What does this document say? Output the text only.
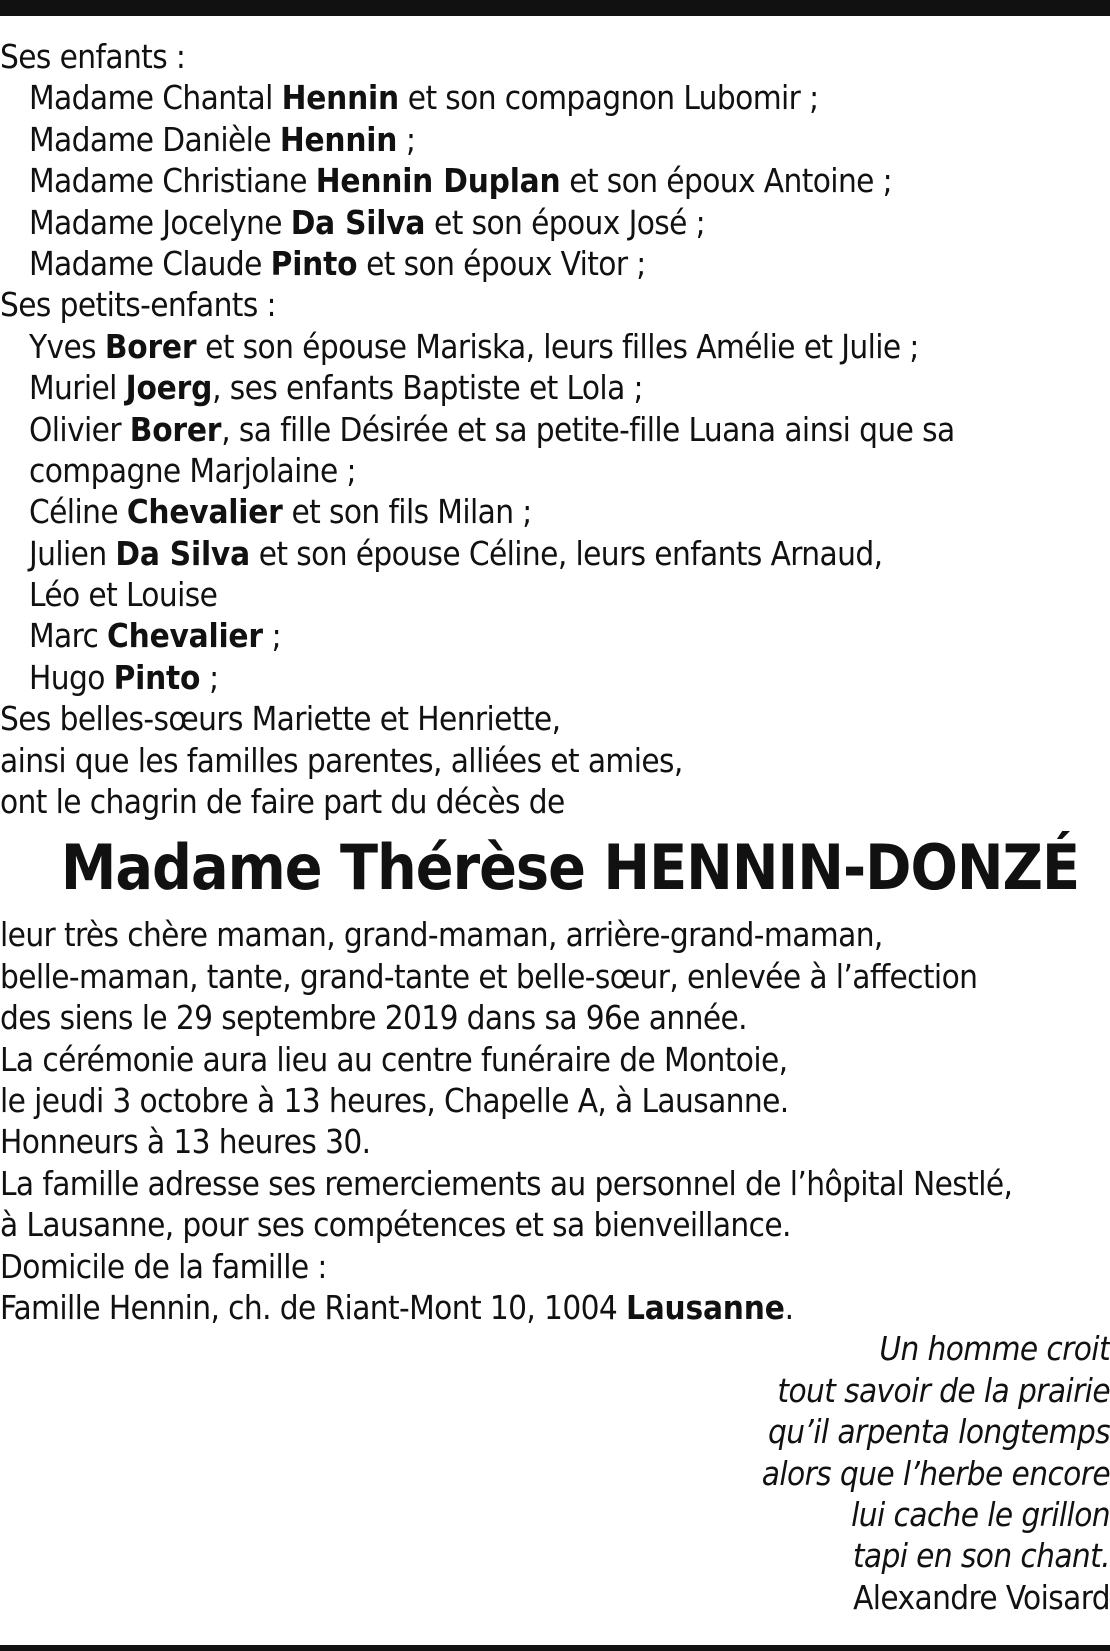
Ses enfants :
Madame Chantal Hennin et son compagnon Lubomir ;
Madame Danièle Hennin ;
Madame Christiane Hennin Duplan et son époux Antoine ;
Madame Jocelyne Da Silva et son époux José ;
Madame Claude Pinto et son époux Vitor ;
Ses petits-enfants :
Yves Borer et son épouse Mariska, leurs filles Amélie et Julie ;
Muriel Joerg, ses enfants Baptiste et Lola ;
Olivier Borer, sa fille Désirée et sa petite-fille Luana ainsi que sa
compagne Marjolaine ;
Céline Chevalier et son fils Milan ;
Julien Da Silva et son épouse Céline, leurs enfants Arnaud,
Léo et Louise
Marc Chevalier ;
Hugo Pinto ;
Ses belles-sœurs Mariette et Henriette,
ainsi que les familles parentes, alliées et amies,
ont le chagrin de faire part du décès de
Madame Thérèse HENNIN-DONZÉ
leur très chère maman, grand-maman, arrière-grand-maman,
belle-maman, tante, grand-tante et belle-sœur, enlevée à l’affection
des siens le 29 septembre 2019 dans sa 96e année.
La cérémonie aura lieu au centre funéraire de Montoie,
le jeudi 3 octobre à 13 heures, Chapelle A, à Lausanne.
Honneurs à 13 heures 30.
La famille adresse ses remerciements au personnel de l’hôpital Nestlé,
à Lausanne, pour ses compétences et sa bienveillance.
Domicile de la famille :
Famille Hennin, ch. de Riant-Mont 10, 1004 Lausanne.
Un homme croit
tout savoir de la prairie
qu’il arpenta longtemps
alors que l’herbe encore
lui cache le grillon
tapi en son chant.
Alexandre Voisard
